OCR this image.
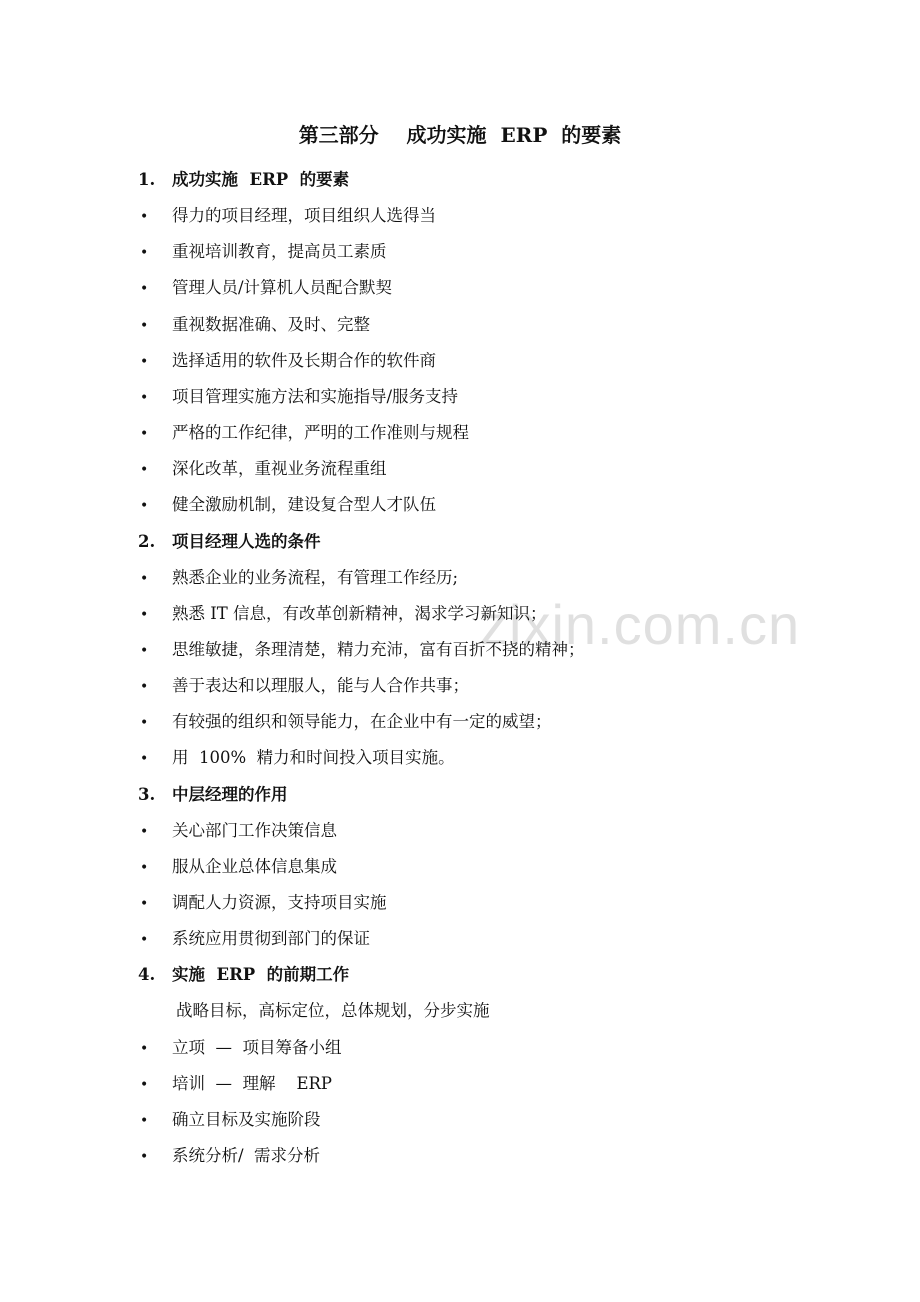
zixin.com.cn
第三部分    成功实施  ERP  的要素
1. 成功实施  ERP  的要素
• 得力的项目经理，项目组织人选得当
• 重视培训教育，提高员工素质
• 管理人员/计算机人员配合默契
• 重视数据准确、及时、完整
• 选择适用的软件及长期合作的软件商
• 项目管理实施方法和实施指导/服务支持
• 严格的工作纪律，严明的工作准则与规程
• 深化改革，重视业务流程重组
• 健全激励机制，建设复合型人才队伍
2. 项目经理人选的条件
• 熟悉企业的业务流程，有管理工作经历;
• 熟悉 IT 信息，有改革创新精神，渴求学习新知识；
• 思维敏捷，条理清楚，精力充沛，富有百折不挠的精神；
• 善于表达和以理服人，能与人合作共事；
• 有较强的组织和领导能力，在企业中有一定的威望；
• 用  100%  精力和时间投入项目实施。
3. 中层经理的作用
• 关心部门工作决策信息
• 服从企业总体信息集成
• 调配人力资源，支持项目实施
• 系统应用贯彻到部门的保证
4. 实施  ERP  的前期工作
战略目标，高标定位，总体规划，分步实施
• 立项  —  项目筹备小组
• 培训  —  理解    ERP
• 确立目标及实施阶段
• 系统分析/  需求分析
